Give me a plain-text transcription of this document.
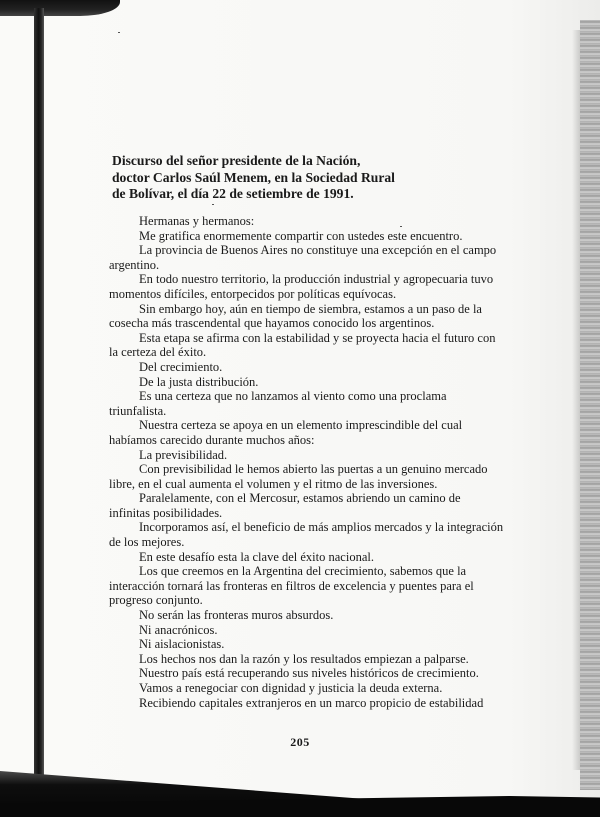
Discurso del señor presidente de la Nación,
doctor Carlos Saúl Menem, en la Sociedad Rural
de Bolívar, el día 22 de setiembre de 1991.

Hermanas y hermanos:

Me gratifica enormemente compartir con ustedes este encuentro.

La provincia de Buenos Aires no constituye una excepción en el campo argentino.

En todo nuestro territorio, la producción industrial y agropecuaria tuvo momentos difíciles, entorpecidos por políticas equívocas.

Sin embargo hoy, aún en tiempo de siembra, estamos a un paso de la cosecha más trascendental que hayamos conocido los argentinos.

Esta etapa se afirma con la estabilidad y se proyecta hacia el futuro con la certeza del éxito.

Del crecimiento.

De la justa distribución.

Es una certeza que no lanzamos al viento como una proclama triunfalista.

Nuestra certeza se apoya en un elemento imprescindible del cual habíamos carecido durante muchos años:

La previsibilidad.

Con previsibilidad le hemos abierto las puertas a un genuino mercado libre, en el cual aumenta el volumen y el ritmo de las inversiones.

Paralelamente, con el Mercosur, estamos abriendo un camino de infinitas posibilidades.

Incorporamos así, el beneficio de más amplios mercados y la integración de los mejores.

En este desafío esta la clave del éxito nacional.

Los que creemos en la Argentina del crecimiento, sabemos que la interacción tornará las fronteras en filtros de excelencia y puentes para el progreso conjunto.

No serán las fronteras muros absurdos.

Ni anacrónicos.

Ni aislacionistas.

Los hechos nos dan la razón y los resultados empiezan a palparse.

Nuestro país está recuperando sus niveles históricos de crecimiento.

Vamos a renegociar con dignidad y justicia la deuda externa.

Recibiendo capitales extranjeros en un marco propicio de estabilidad

205
